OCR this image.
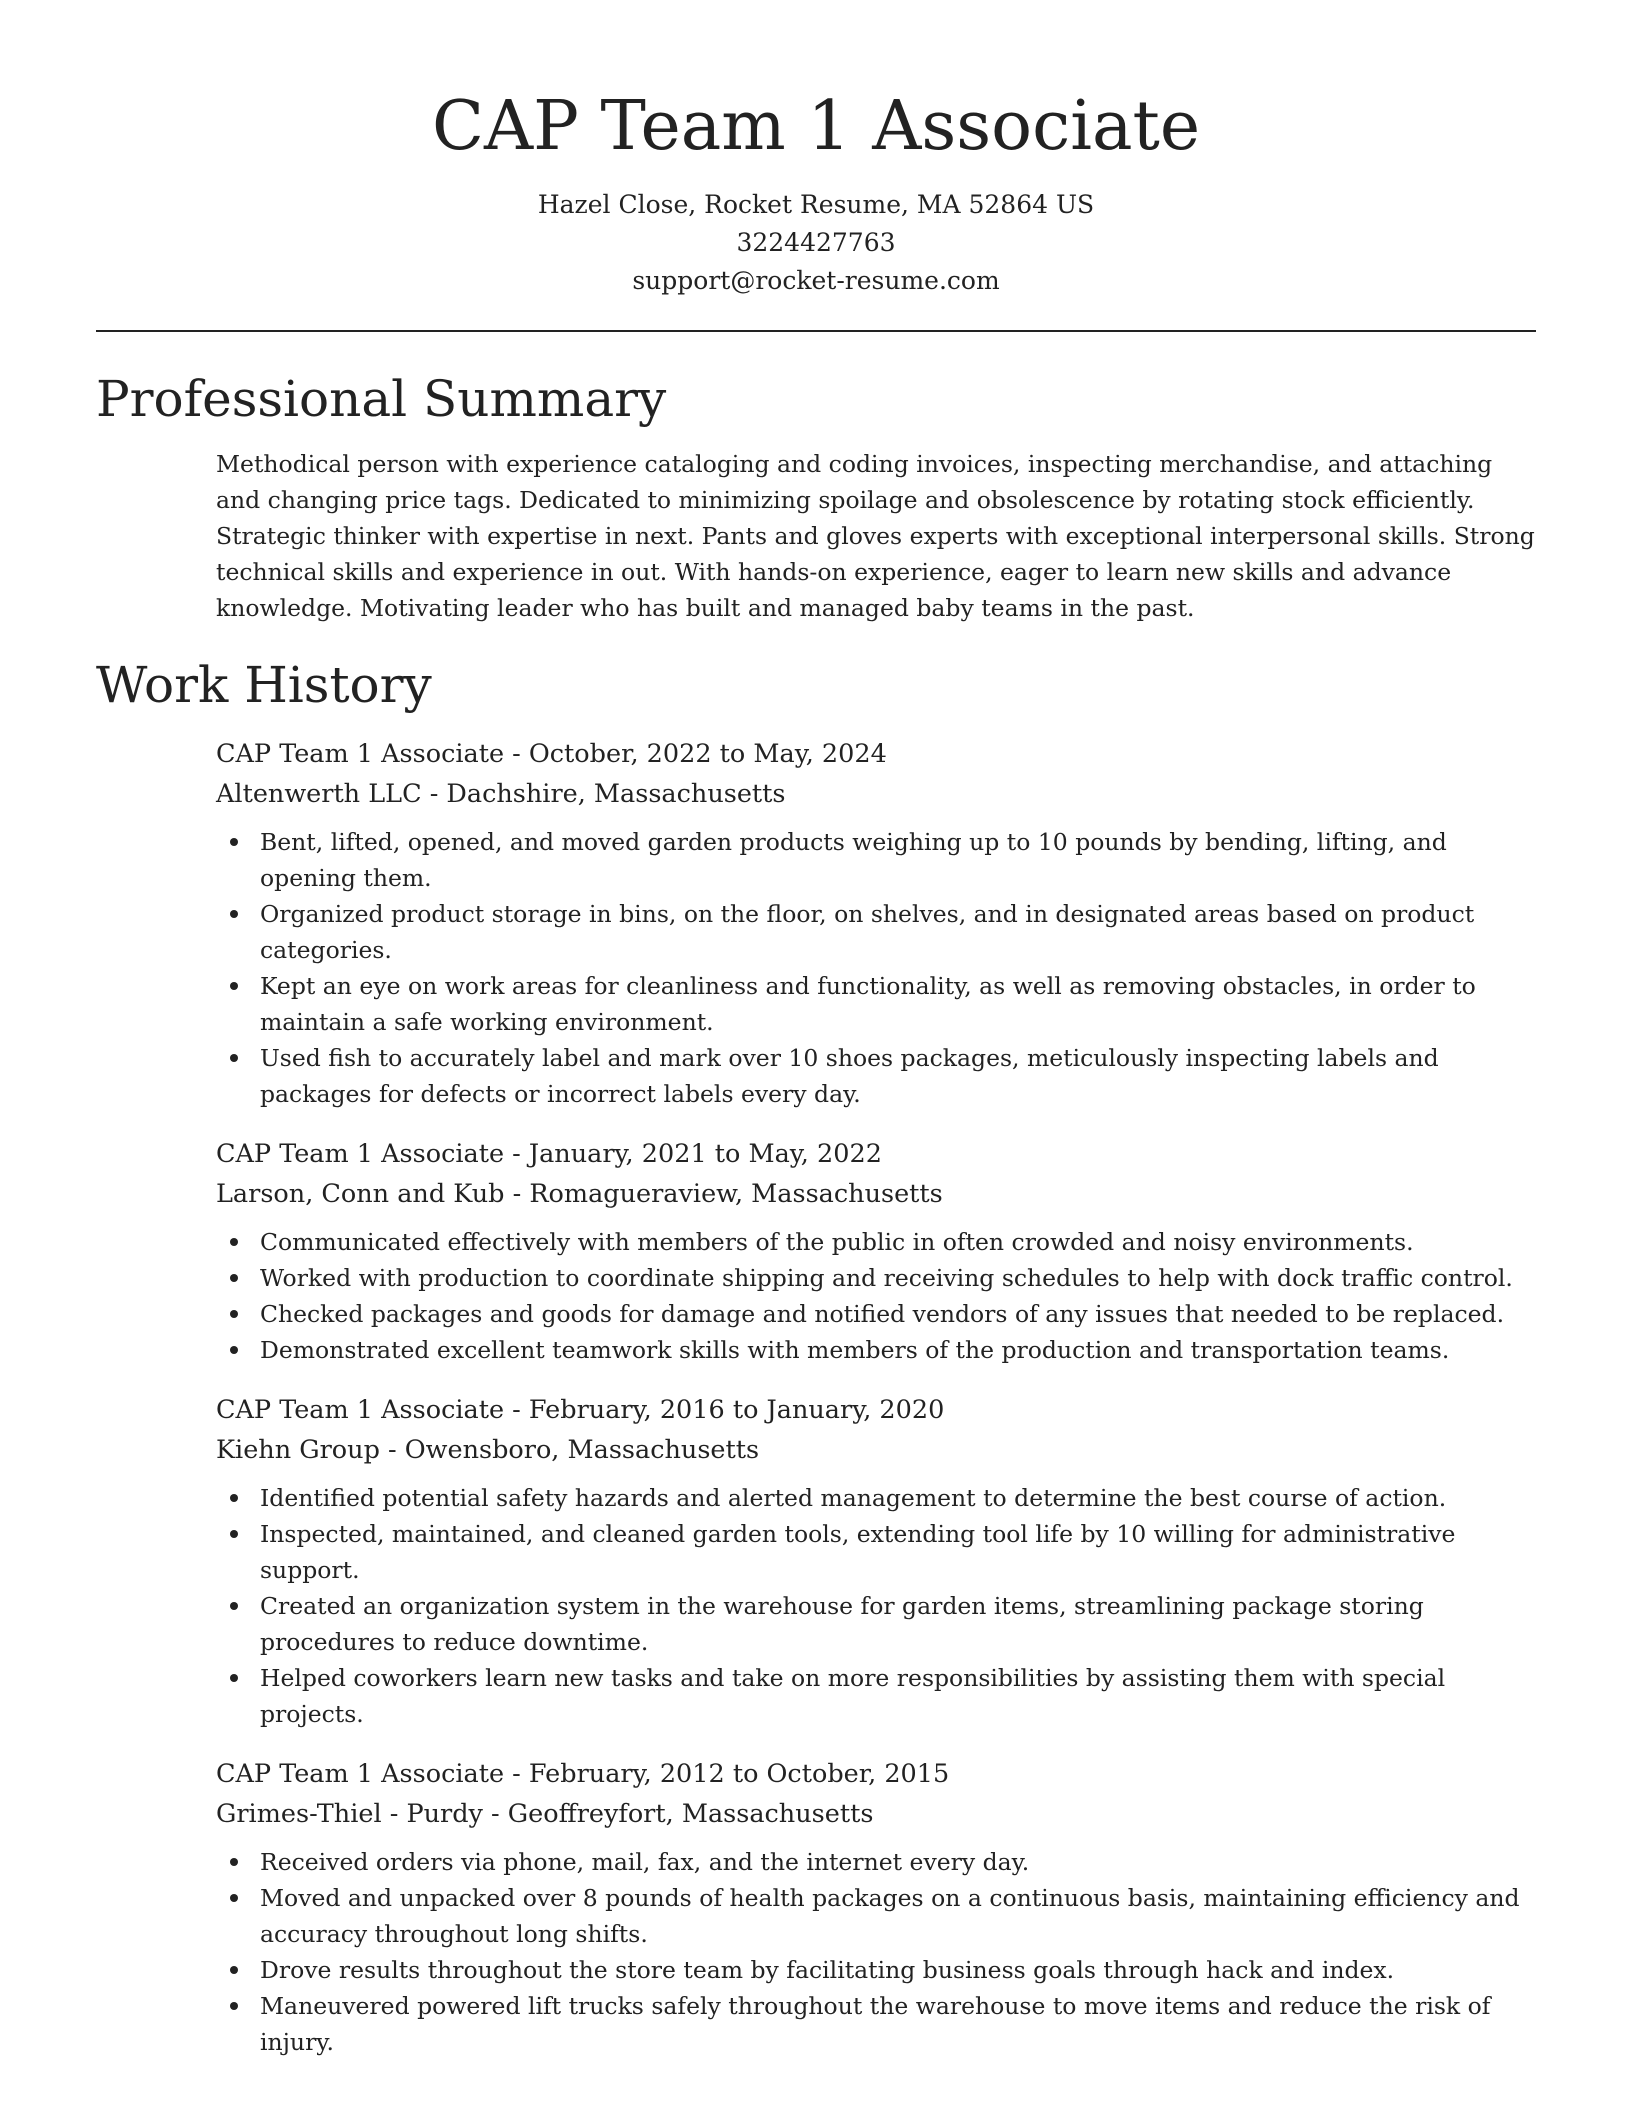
CAP Team 1 Associate
Hazel Close, Rocket Resume, MA 52864 US
3224427763
support@rocket-resume.com
Professional Summary
Methodical person with experience cataloging and coding invoices, inspecting merchandise, and attaching and changing price tags. Dedicated to minimizing spoilage and obsolescence by rotating stock efficiently. Strategic thinker with expertise in next. Pants and gloves experts with exceptional interpersonal skills. Strong technical skills and experience in out. With hands-on experience, eager to learn new skills and advance knowledge. Motivating leader who has built and managed baby teams in the past.
Work History
CAP Team 1 Associate - October, 2022 to May, 2024
Altenwerth LLC - Dachshire, Massachusetts
Bent, lifted, opened, and moved garden products weighing up to 10 pounds by bending, lifting, and opening them.
Organized product storage in bins, on the floor, on shelves, and in designated areas based on product categories.
Kept an eye on work areas for cleanliness and functionality, as well as removing obstacles, in order to maintain a safe working environment.
Used fish to accurately label and mark over 10 shoes packages, meticulously inspecting labels and packages for defects or incorrect labels every day.
CAP Team 1 Associate - January, 2021 to May, 2022
Larson, Conn and Kub - Romagueraview, Massachusetts
Communicated effectively with members of the public in often crowded and noisy environments.
Worked with production to coordinate shipping and receiving schedules to help with dock traffic control.
Checked packages and goods for damage and notified vendors of any issues that needed to be replaced.
Demonstrated excellent teamwork skills with members of the production and transportation teams.
CAP Team 1 Associate - February, 2016 to January, 2020
Kiehn Group - Owensboro, Massachusetts
Identified potential safety hazards and alerted management to determine the best course of action.
Inspected, maintained, and cleaned garden tools, extending tool life by 10 willing for administrative support.
Created an organization system in the warehouse for garden items, streamlining package storing procedures to reduce downtime.
Helped coworkers learn new tasks and take on more responsibilities by assisting them with special projects.
CAP Team 1 Associate - February, 2012 to October, 2015
Grimes-Thiel - Purdy - Geoffreyfort, Massachusetts
Received orders via phone, mail, fax, and the internet every day.
Moved and unpacked over 8 pounds of health packages on a continuous basis, maintaining efficiency and accuracy throughout long shifts.
Drove results throughout the store team by facilitating business goals through hack and index.
Maneuvered powered lift trucks safely throughout the warehouse to move items and reduce the risk of injury.
